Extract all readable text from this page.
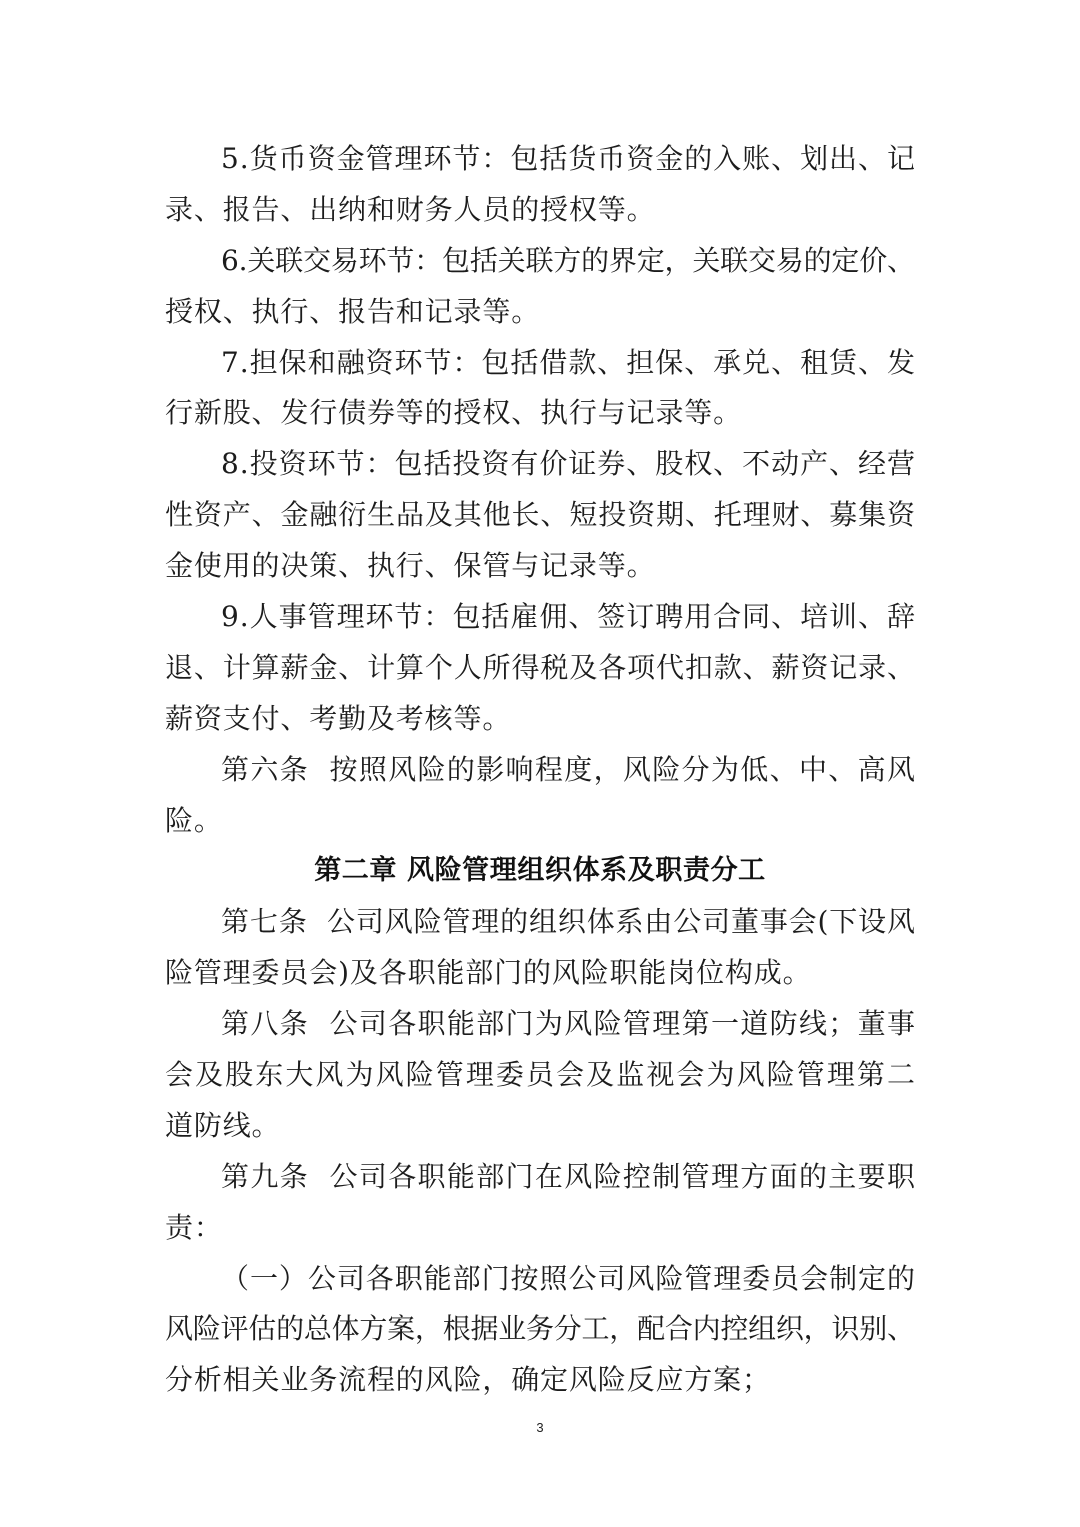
5.货币资金管理环节：包括货币资金的入账、划出、记
录、报告、出纳和财务人员的授权等。
6.关联交易环节：包括关联方的界定，关联交易的定价、
授权、执行、报告和记录等。
7.担保和融资环节：包括借款、担保、承兑、租赁、发
行新股、发行债券等的授权、执行与记录等。
8.投资环节：包括投资有价证券、股权、不动产、经营
性资产、金融衍生品及其他长、短投资期、托理财、募集资
金使用的决策、执行、保管与记录等。
9.人事管理环节：包括雇佣、签订聘用合同、培训、辞
退、计算薪金、计算个人所得税及各项代扣款、薪资记录、
薪资支付、考勤及考核等。
第六条  按照风险的影响程度，风险分为低、中、高风
险。
第二章 风险管理组织体系及职责分工
第七条  公司风险管理的组织体系由公司董事会(下设风
险管理委员会)及各职能部门的风险职能岗位构成。
第八条  公司各职能部门为风险管理第一道防线；董事
会及股东大风为风险管理委员会及监视会为风险管理第二
道防线。
第九条  公司各职能部门在风险控制管理方面的主要职
责：
（一）公司各职能部门按照公司风险管理委员会制定的
风险评估的总体方案，根据业务分工，配合内控组织，识别、
分析相关业务流程的风险，确定风险反应方案；
3
